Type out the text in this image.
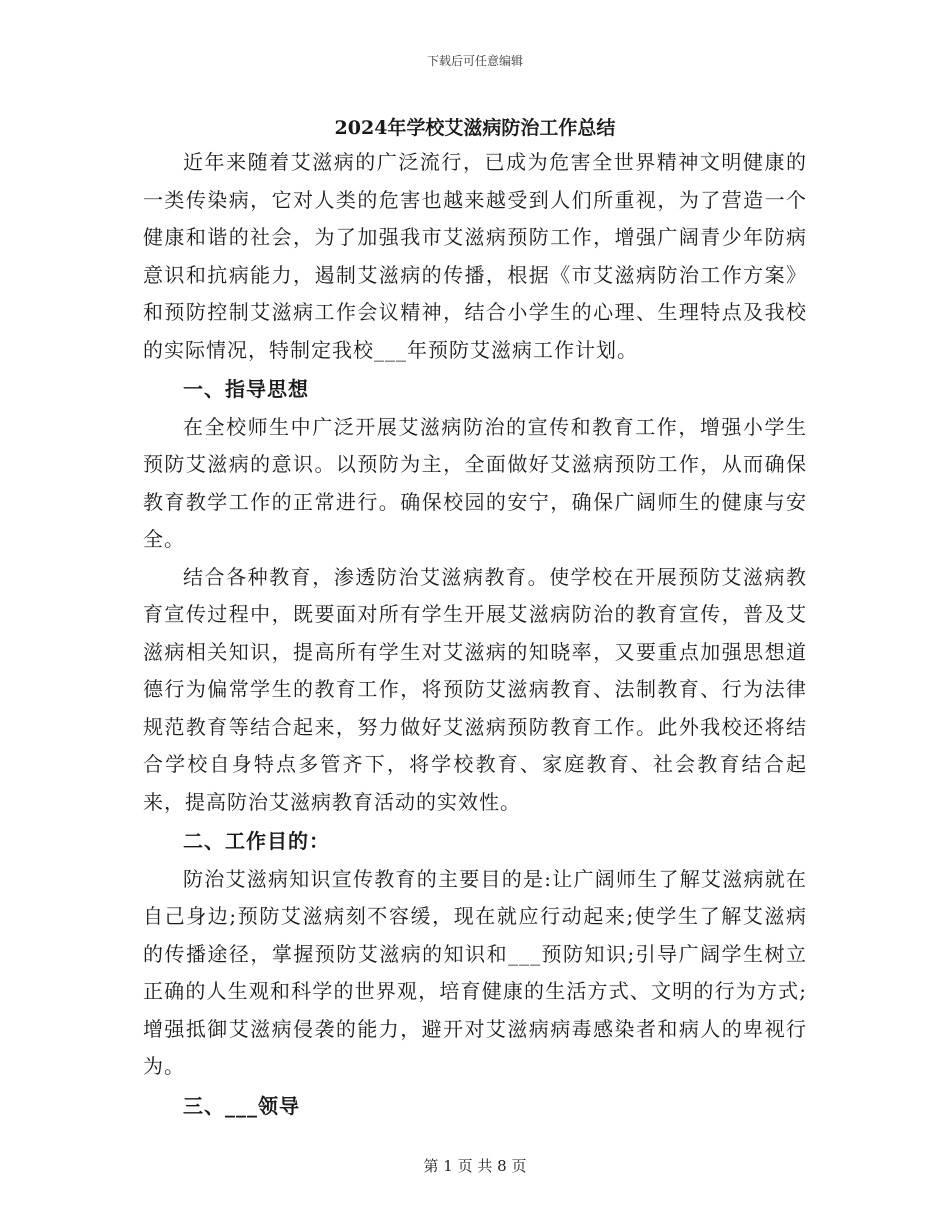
下载后可任意编辑
2024年学校艾滋病防治工作总结

近年来随着艾滋病的广泛流行，已成为危害全世界精神文明健康的一类传染病，它对人类的危害也越来越受到人们所重视，为了营造一个健康和谐的社会，为了加强我市艾滋病预防工作，增强广阔青少年防病意识和抗病能力，遏制艾滋病的传播，根据《市艾滋病防治工作方案》和预防控制艾滋病工作会议精神，结合小学生的心理、生理特点及我校的实际情况，特制定我校___年预防艾滋病工作计划。

一、指导思想

在全校师生中广泛开展艾滋病防治的宣传和教育工作，增强小学生预防艾滋病的意识。以预防为主，全面做好艾滋病预防工作，从而确保教育教学工作的正常进行。确保校园的安宁，确保广阔师生的健康与安全。

结合各种教育，渗透防治艾滋病教育。使学校在开展预防艾滋病教育宣传过程中，既要面对所有学生开展艾滋病防治的教育宣传，普及艾滋病相关知识，提高所有学生对艾滋病的知晓率，又要重点加强思想道德行为偏常学生的教育工作，将预防艾滋病教育、法制教育、行为法律规范教育等结合起来，努力做好艾滋病预防教育工作。此外我校还将结合学校自身特点多管齐下，将学校教育、家庭教育、社会教育结合起来，提高防治艾滋病教育活动的实效性。

二、工作目的：

防治艾滋病知识宣传教育的主要目的是:让广阔师生了解艾滋病就在自己身边;预防艾滋病刻不容缓，现在就应行动起来;使学生了解艾滋病的传播途径，掌握预防艾滋病的知识和___预防知识;引导广阔学生树立正确的人生观和科学的世界观，培育健康的生活方式、文明的行为方式;增强抵御艾滋病侵袭的能力，避开对艾滋病病毒感染者和病人的卑视行为。

三、___领导

第 1 页 共 8 页
